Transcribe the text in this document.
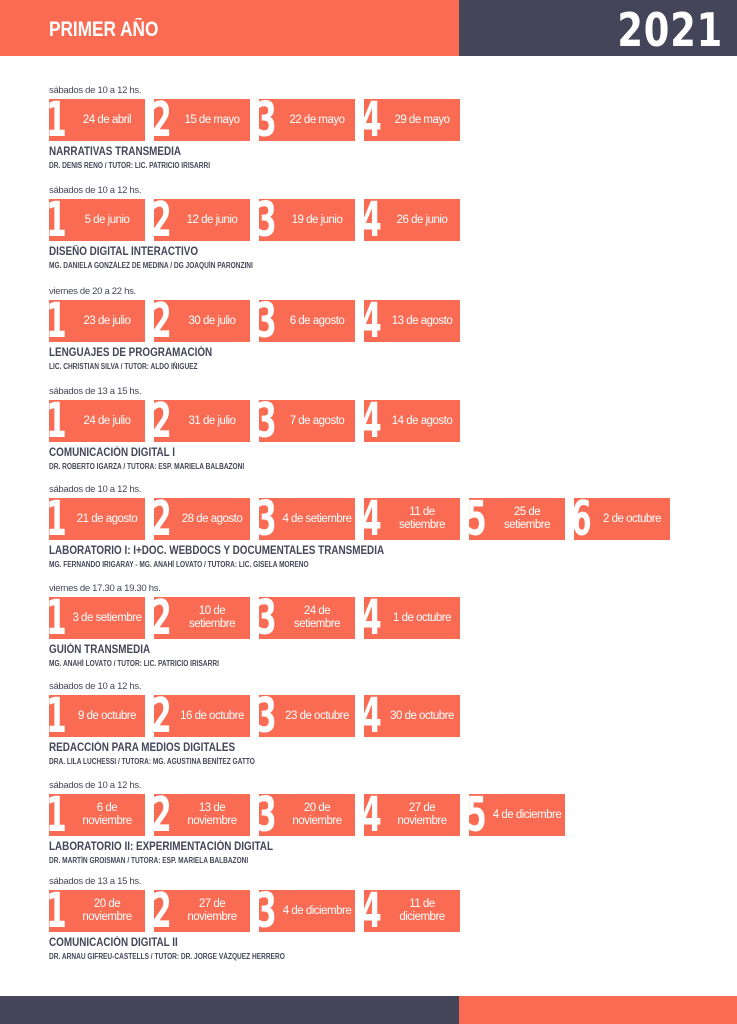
PRIMER AÑO	2021
sábados de 10 a 12 hs.
1	24 de abril 2	15 de mayo 3	22 de mayo 4	29 de mayo
NARRATIVAS TRANSMEDIA
DR. DENIS RENO / TUTOR: LIC. PATRICIO IRISARRI
sábados de 10 a 12 hs.
1	5 de junio 2	12 de junio 3	19 de junio 4	26 de junio
DISEÑO DIGITAL INTERACTIVO
MG. DANIELA GONZÁLEZ DE MEDINA / DG JOAQUÍN PARONZINI
viernes de 20 a 22 hs.
1	23 de julio 2	30 de julio 3	6 de agosto 4 13 de agosto
LENGUAJES DE PROGRAMACIÓN
LIC. CHRISTIAN SILVA / TUTOR: ALDO IÑIGUEZ
sábados de 13 a 15 hs.
1	24 de julio 2	31 de julio 3	7 de agosto 4 14 de agosto
COMUNICACIÓN DIGITAL I
DR. ROBERTO IGARZA / TUTORA: ESP. MARIELA BALBAZONI
sábados de 10 a 12 hs.
1 21 de agosto 2 28 de agosto 3 4 de setiembre 4	11 de setiembre 5	25 de setiembre 6 2 de octubre
LABORATORIO I: I+DOC. WEBDOCS Y DOCUMENTALES TRANSMEDIA
MG. FERNANDO IRIGARAY - MG. ANAHÍ LOVATO / TUTORA: LIC. GISELA MORENO
viernes de 17.30 a 19.30 hs.
1 3 de setiembre 2	10 de setiembre 3	24 de setiembre 4 1 de octubre
GUIÓN TRANSMEDIA
MG. ANAHÍ LOVATO / TUTOR: LIC. PATRICIO IRISARRI
sábados de 10 a 12 hs.
1 9 de octubre 2 16 de octubre 3 23 de octubre 4 30 de octubre
REDACCIÓN PARA MEDIOS DIGITALES
DRA. LILA LUCHESSI / TUTORA: MG. AGUSTINA BENÍTEZ GATTO
sábados de 10 a 12 hs.
1	6 de noviembre 2	13 de noviembre 3	20 de noviembre 4	27 de noviembre 5 4 de diciembre
LABORATORIO II: EXPERIMENTACIÓN DIGITAL
DR. MARTÍN GROISMAN / TUTORA: ESP. MARIELA BALBAZONI
sábados de 13 a 15 hs.
1	20 de noviembre 2	27 de noviembre 3 4 de diciembre 4	11 de diciembre
COMUNICACIÓN DIGITAL II
DR. ARNAU GIFREU-CASTELLS / TUTOR: DR. JORGE VÁZQUEZ HERRERO
